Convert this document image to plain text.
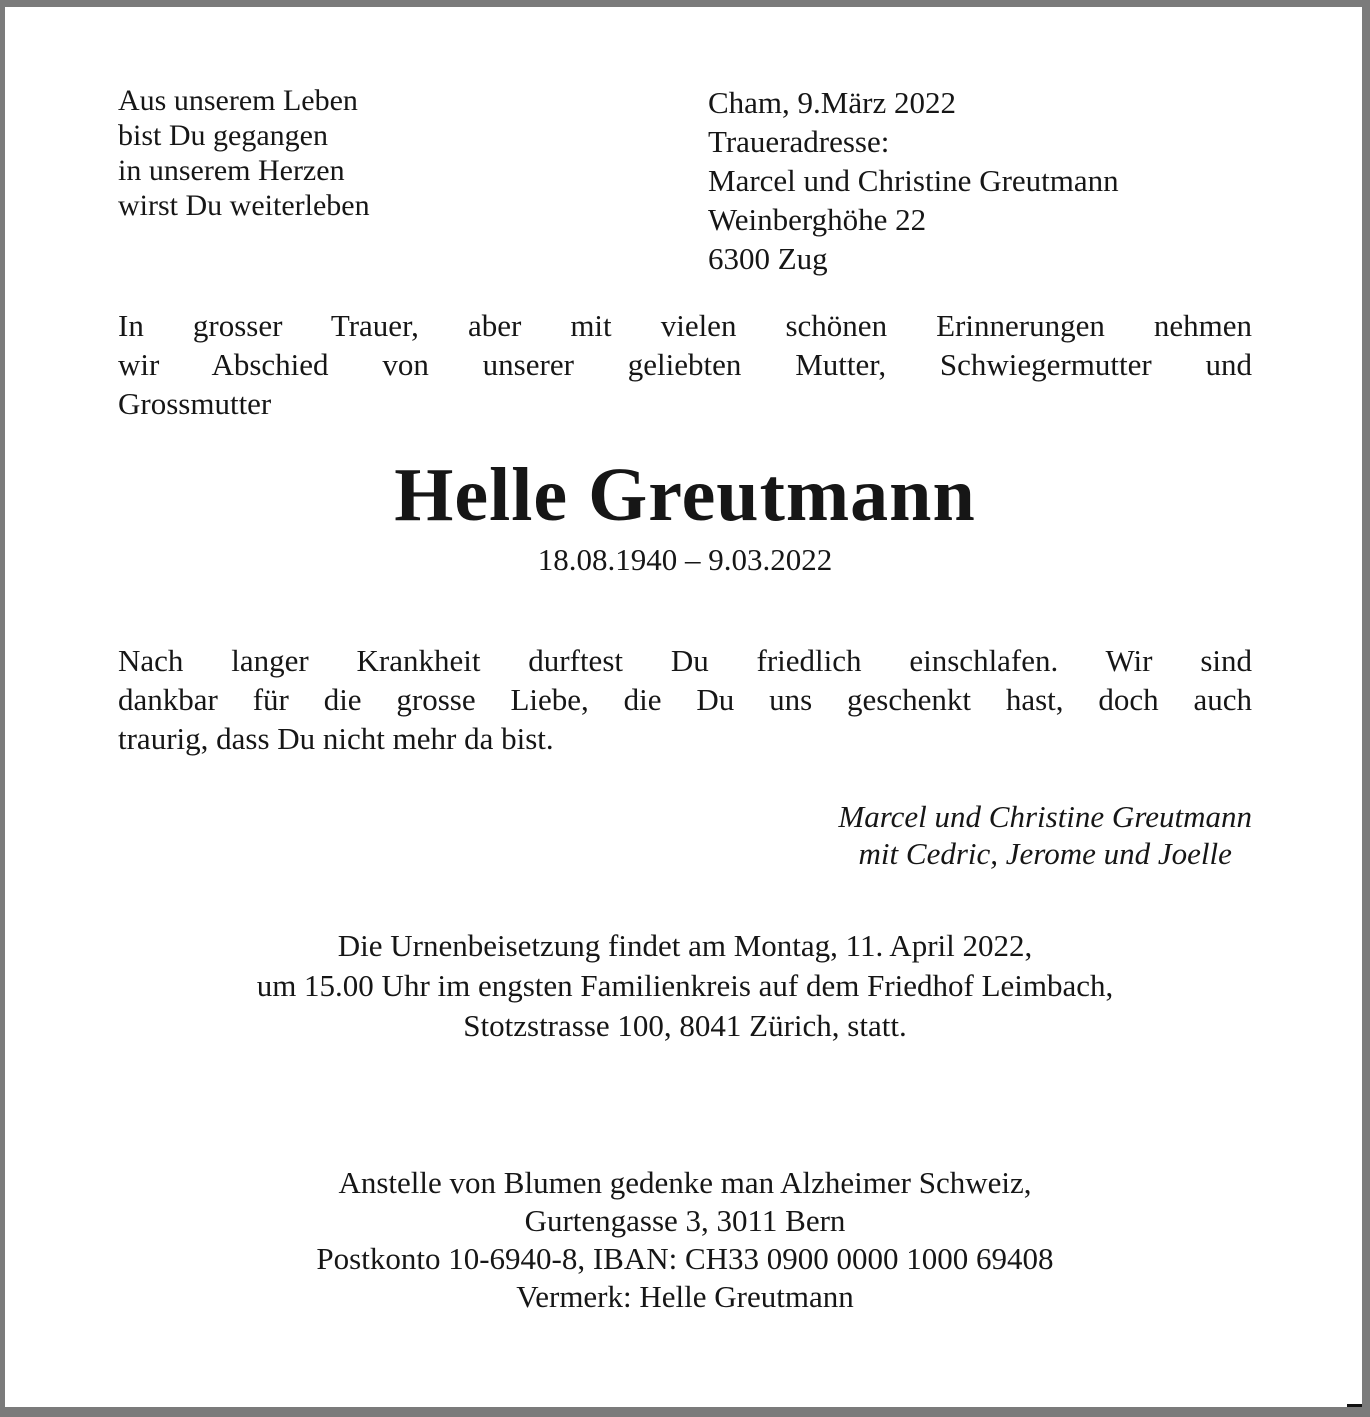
Aus unserem Leben
bist Du gegangen
in unserem Herzen
wirst Du weiterleben
Cham, 9.März 2022
Traueradresse:
Marcel und Christine Greutmann
Weinberghöhe 22
6300 Zug
In grosser Trauer, aber mit vielen schönen Erinnerungen nehmen
wir Abschied von unserer geliebten Mutter, Schwiegermutter und
Grossmutter
Helle Greutmann
18.08.1940 – 9.03.2022
Nach langer Krankheit durftest Du friedlich einschlafen. Wir sind
dankbar für die grosse Liebe, die Du uns geschenkt hast, doch auch
traurig, dass Du nicht mehr da bist.
Marcel und Christine Greutmann
mit Cedric, Jerome und Joelle
Die Urnenbeisetzung findet am Montag, 11. April 2022,
um 15.00 Uhr im engsten Familienkreis auf dem Friedhof Leimbach,
Stotzstrasse 100, 8041 Zürich, statt.
Anstelle von Blumen gedenke man Alzheimer Schweiz,
Gurtengasse 3, 3011 Bern
Postkonto 10-6940-8, IBAN: CH33 0900 0000 1000 69408
Vermerk: Helle Greutmann
